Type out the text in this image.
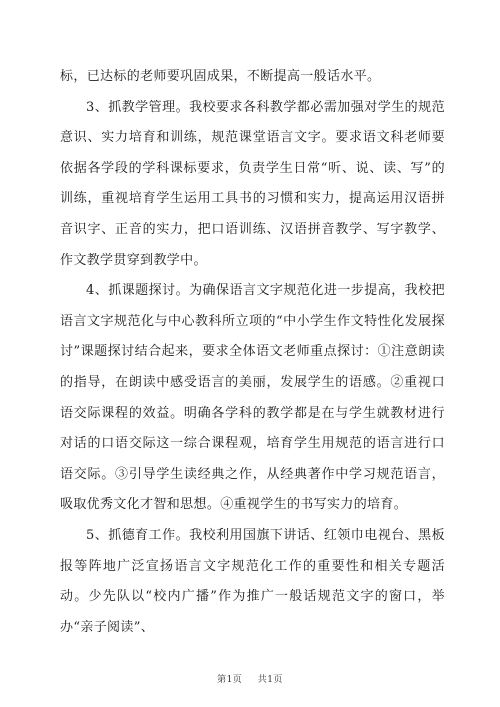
标，已达标的老师要巩固成果，不断提高一般话水平。

3、抓教学管理。我校要求各科教学都必需加强对学生的规范意识、实力培育和训练，规范课堂语言文字。要求语文科老师要依据各学段的学科课标要求，负责学生日常“听、说、读、写”的训练，重视培育学生运用工具书的习惯和实力，提高运用汉语拼音识字、正音的实力，把口语训练、汉语拼音教学、写字教学、作文教学贯穿到教学中。

4、抓课题探讨。为确保语言文字规范化进一步提高，我校把语言文字规范化与中心教科所立项的“中小学生作文特性化发展探讨”课题探讨结合起来，要求全体语文老师重点探讨：①注意朗读的指导，在朗读中感受语言的美丽，发展学生的语感。②重视口语交际课程的效益。明确各学科的教学都是在与学生就教材进行对话的口语交际这一综合课程观，培育学生用规范的语言进行口语交际。③引导学生读经典之作，从经典著作中学习规范语言，吸取优秀文化才智和思想。④重视学生的书写实力的培育。

5、抓德育工作。我校利用国旗下讲话、红领巾电视台、黑板报等阵地广泛宣扬语言文字规范化工作的重要性和相关专题活动。少先队以“校内广播”作为推广一般话规范文字的窗口，举办“亲子阅读”、

第1页 共1页
